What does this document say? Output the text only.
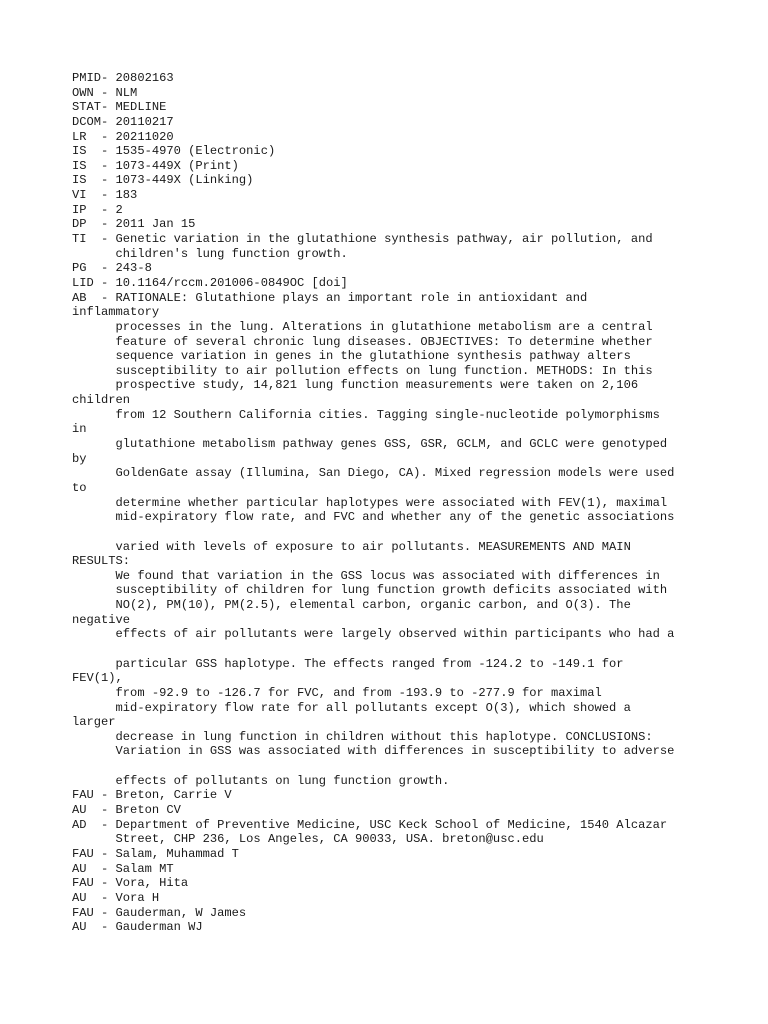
PMID- 20802163
OWN - NLM
STAT- MEDLINE
DCOM- 20110217
LR  - 20211020
IS  - 1535-4970 (Electronic)
IS  - 1073-449X (Print)
IS  - 1073-449X (Linking)
VI  - 183
IP  - 2
DP  - 2011 Jan 15
TI  - Genetic variation in the glutathione synthesis pathway, air pollution, and
children's lung function growth.
PG  - 243-8
LID - 10.1164/rccm.201006-0849OC [doi]
AB  - RATIONALE: Glutathione plays an important role in antioxidant and
inflammatory
processes in the lung. Alterations in glutathione metabolism are a central
feature of several chronic lung diseases. OBJECTIVES: To determine whether
sequence variation in genes in the glutathione synthesis pathway alters
susceptibility to air pollution effects on lung function. METHODS: In this
prospective study, 14,821 lung function measurements were taken on 2,106
children
from 12 Southern California cities. Tagging single-nucleotide polymorphisms
in
glutathione metabolism pathway genes GSS, GSR, GCLM, and GCLC were genotyped
by
GoldenGate assay (Illumina, San Diego, CA). Mixed regression models were used
to
determine whether particular haplotypes were associated with FEV(1), maximal
mid-expiratory flow rate, and FVC and whether any of the genetic associations
varied with levels of exposure to air pollutants. MEASUREMENTS AND MAIN
RESULTS:
We found that variation in the GSS locus was associated with differences in
susceptibility of children for lung function growth deficits associated with
NO(2), PM(10), PM(2.5), elemental carbon, organic carbon, and O(3). The
negative
effects of air pollutants were largely observed within participants who had a
particular GSS haplotype. The effects ranged from -124.2 to -149.1 for
FEV(1),
from -92.9 to -126.7 for FVC, and from -193.9 to -277.9 for maximal
mid-expiratory flow rate for all pollutants except O(3), which showed a
larger
decrease in lung function in children without this haplotype. CONCLUSIONS:
Variation in GSS was associated with differences in susceptibility to adverse
effects of pollutants on lung function growth.
FAU - Breton, Carrie V
AU  - Breton CV
AD  - Department of Preventive Medicine, USC Keck School of Medicine, 1540 Alcazar
Street, CHP 236, Los Angeles, CA 90033, USA. breton@usc.edu
FAU - Salam, Muhammad T
AU  - Salam MT
FAU - Vora, Hita
AU  - Vora H
FAU - Gauderman, W James
AU  - Gauderman WJ
